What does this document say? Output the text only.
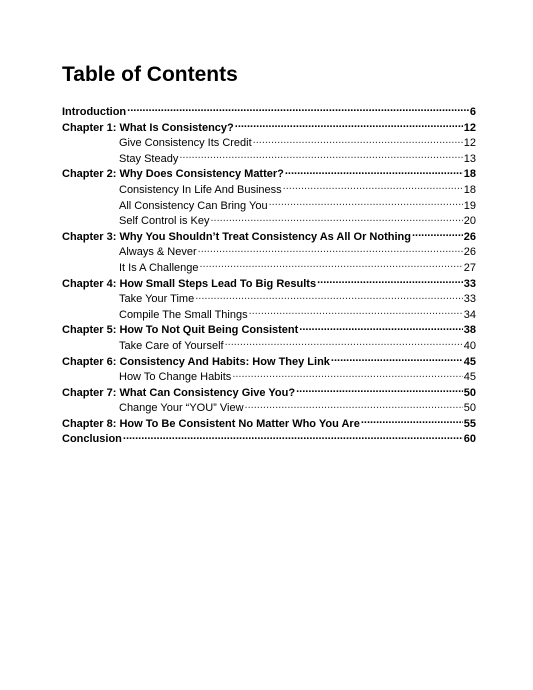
Table of Contents
Introduction .....	6
Chapter 1: What Is Consistency? .....	12
Give Consistency Its Credit .....	12
Stay Steady .....	13
Chapter 2: Why Does Consistency Matter? .....	18
Consistency In Life And Business .....	18
All Consistency Can Bring You .....	19
Self Control is Key .....	20
Chapter 3: Why You Shouldn’t Treat Consistency As All Or Nothing .....	26
Always & Never .....	26
It Is A Challenge .....	27
Chapter 4: How Small Steps Lead To Big Results .....	33
Take Your Time .....	33
Compile The Small Things .....	34
Chapter 5: How To Not Quit Being Consistent .....	38
Take Care of Yourself .....	40
Chapter 6: Consistency And Habits: How They Link .....	45
How To Change Habits .....	45
Chapter 7: What Can Consistency Give You? .....	50
Change Your “YOU” View .....	50
Chapter 8: How To Be Consistent No Matter Who You Are .....	55
Conclusion .....	60
